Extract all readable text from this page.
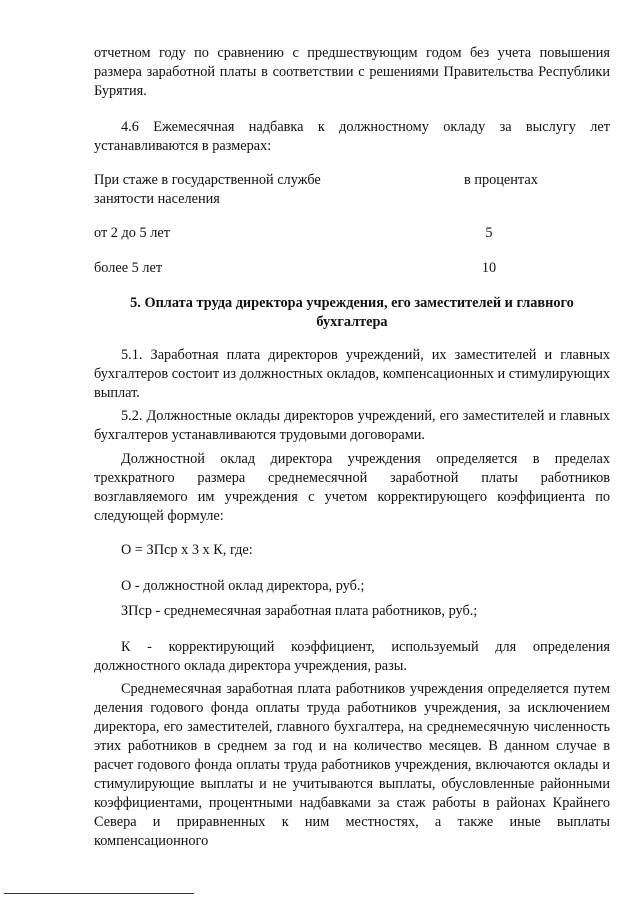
отчетном году по сравнению с предшествующим годом без учета повышения размера заработной платы в соответствии с решениями Правительства Республики Бурятия.

4.6 Ежемесячная надбавка к должностному окладу за выслугу лет устанавливаются в размерах:

При стаже в государственной службе занятости населения
в процентах
от 2 до 5 лет	5
более 5 лет	10

5. Оплата труда директора учреждения, его заместителей и главного бухгалтера

5.1. Заработная плата директоров учреждений, их заместителей и главных бухгалтеров состоит из должностных окладов, компенсационных и стимулирующих выплат.

5.2. Должностные оклады директоров учреждений, его заместителей и главных бухгалтеров устанавливаются трудовыми договорами.

Должностной оклад директора учреждения определяется в пределах трехкратного размера среднемесячной заработной платы работников возглавляемого им учреждения с учетом корректирующего коэффициента по следующей формуле:

О = ЗПср х 3 х К, где:

О - должностной оклад директора, руб.;

ЗПср - среднемесячная заработная плата работников, руб.;

К - корректирующий коэффициент, используемый для определения должностного оклада директора учреждения, разы.

Среднемесячная заработная плата работников учреждения определяется путем деления годового фонда оплаты труда работников учреждения, за исключением директора, его заместителей, главного бухгалтера, на среднемесячную численность этих работников в среднем за год и на количество месяцев. В данном случае в расчет годового фонда оплаты труда работников учреждения, включаются оклады и стимулирующие выплаты и не учитываются выплаты, обусловленные районными коэффициентами, процентными надбавками за стаж работы в районах Крайнего Севера и приравненных к ним местностях, а также иные выплаты компенсационного
